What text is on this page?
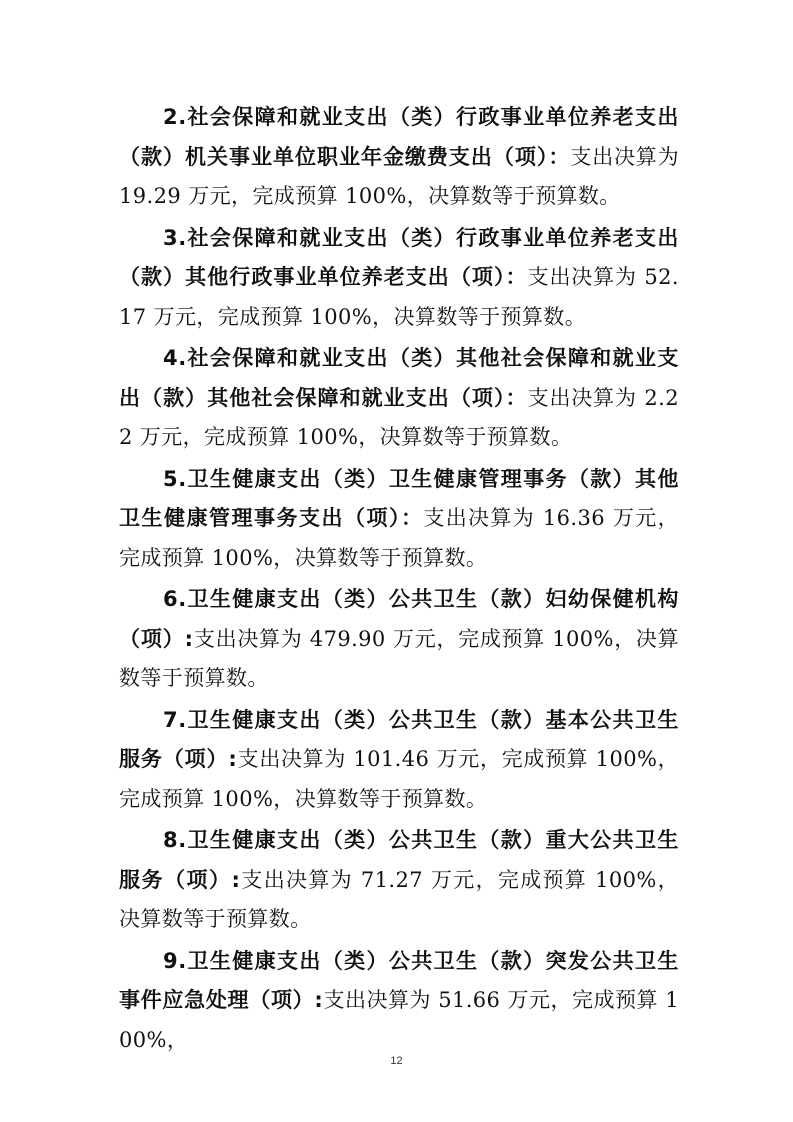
2.社会保障和就业支出（类）行政事业单位养老支出（款）机关事业单位职业年金缴费支出（项）：支出决算为 19.29 万元，完成预算 100%，决算数等于预算数。

3.社会保障和就业支出（类）行政事业单位养老支出（款）其他行政事业单位养老支出（项）：支出决算为 52.17 万元，完成预算 100%，决算数等于预算数。

4.社会保障和就业支出（类）其他社会保障和就业支出（款）其他社会保障和就业支出（项）：支出决算为 2.22 万元，完成预算 100%，决算数等于预算数。

5.卫生健康支出（类）卫生健康管理事务（款）其他卫生健康管理事务支出（项）：支出决算为 16.36 万元，完成预算 100%，决算数等于预算数。

6.卫生健康支出（类）公共卫生（款）妇幼保健机构（项）:支出决算为 479.90 万元，完成预算 100%，决算数等于预算数。

7.卫生健康支出（类）公共卫生（款）基本公共卫生服务（项）:支出决算为 101.46 万元，完成预算 100%，完成预算 100%，决算数等于预算数。

8.卫生健康支出（类）公共卫生（款）重大公共卫生服务（项）:支出决算为 71.27 万元，完成预算 100%，决算数等于预算数。

9.卫生健康支出（类）公共卫生（款）突发公共卫生事件应急处理（项）:支出决算为 51.66 万元，完成预算 100%，

12
